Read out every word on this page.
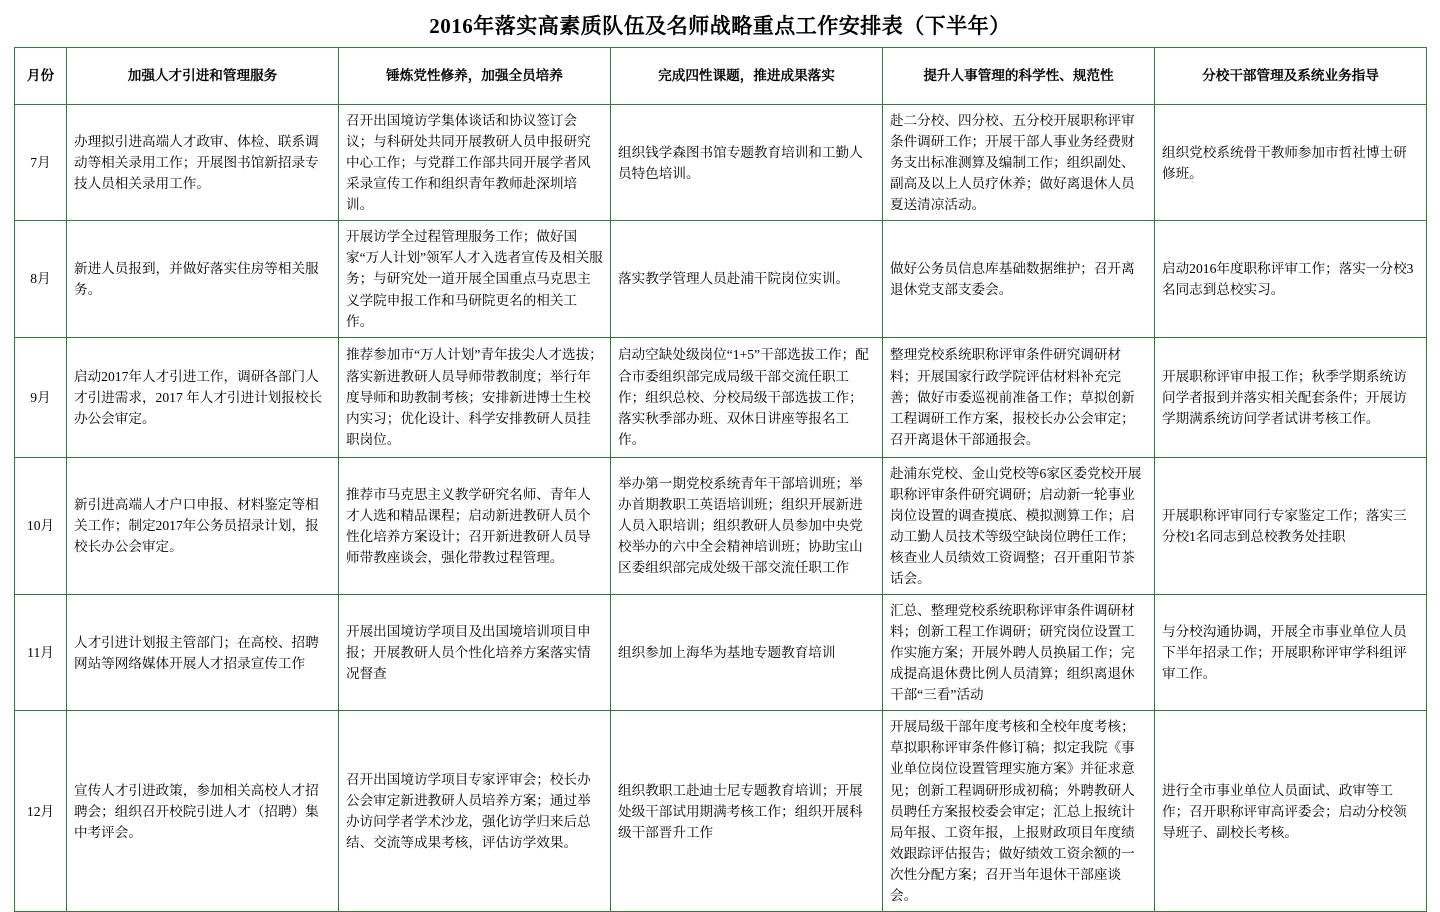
2016年落实高素质队伍及名师战略重点工作安排表（下半年）
月份	加强人才引进和管理服务	锤炼党性修养，加强全员培养	完成四性课题，推进成果落实	提升人事管理的科学性、规范性	分校干部管理及系统业务指导
7月	办理拟引进高端人才政审、体检、联系调动等相关录用工作；开展图书馆新招录专技人员相关录用工作。	召开出国境访学集体谈话和协议签订会议；与科研处共同开展教研人员申报研究中心工作；与党群工作部共同开展学者风采录宣传工作和组织青年教师赴深圳培训。	组织钱学森图书馆专题教育培训和工勤人员特色培训。	赴二分校、四分校、五分校开展职称评审条件调研工作；开展干部人事业务经费财务支出标准测算及编制工作；组织副处、副高及以上人员疗休养；做好离退休人员夏送清凉活动。	组织党校系统骨干教师参加市哲社博士研修班。
8月	新进人员报到，并做好落实住房等相关服务。	开展访学全过程管理服务工作；做好国家“万人计划”领军人才入选者宣传及相关服务；与研究处一道开展全国重点马克思主义学院申报工作和马研院更名的相关工作。	落实教学管理人员赴浦干院岗位实训。	做好公务员信息库基础数据维护；召开离退休党支部支委会。	启动2016年度职称评审工作；落实一分校3名同志到总校实习。
9月	启动2017年人才引进工作，调研各部门人才引进需求，2017 年人才引进计划报校长办公会审定。	推荐参加市“万人计划”青年拔尖人才选拔；落实新进教研人员导师带教制度；举行年度导师和助教制考核；安排新进博士生校内实习；优化设计、科学安排教研人员挂职岗位。	启动空缺处级岗位“1+5”干部选拔工作；配合市委组织部完成局级干部交流任职工作；组织总校、分校局级干部选拔工作；落实秋季部办班、双休日讲座等报名工作。	整理党校系统职称评审条件研究调研材料；开展国家行政学院评估材料补充完善；做好市委巡视前准备工作；草拟创新工程调研工作方案，报校长办公会审定；召开离退休干部通报会。	开展职称评审申报工作；秋季学期系统访问学者报到并落实相关配套条件；开展访学期满系统访问学者试讲考核工作。
10月	新引进高端人才户口申报、材料鉴定等相关工作；制定2017年公务员招录计划，报校长办公会审定。	推荐市马克思主义教学研究名师、青年人才人选和精品课程；启动新进教研人员个性化培养方案设计；召开新进教研人员导师带教座谈会，强化带教过程管理。	举办第一期党校系统青年干部培训班；举办首期教职工英语培训班；组织开展新进人员入职培训；组织教研人员参加中央党校举办的六中全会精神培训班；协助宝山区委组织部完成处级干部交流任职工作	赴浦东党校、金山党校等6家区委党校开展职称评审条件研究调研；启动新一轮事业岗位设置的调查摸底、模拟测算工作；启动工勤人员技术等级空缺岗位聘任工作；核查业人员绩效工资调整；召开重阳节茶话会。	开展职称评审同行专家鉴定工作；落实三分校1名同志到总校教务处挂职
11月	人才引进计划报主管部门；在高校、招聘网站等网络媒体开展人才招录宣传工作	开展出国境访学项目及出国境培训项目申报；开展教研人员个性化培养方案落实情况督查	组织参加上海华为基地专题教育培训	汇总、整理党校系统职称评审条件调研材料；创新工程工作调研；研究岗位设置工作实施方案；开展外聘人员换届工作；完成提高退休费比例人员清算；组织离退休干部“三看”活动	与分校沟通协调，开展全市事业单位人员下半年招录工作；开展职称评审学科组评审工作。
12月	宣传人才引进政策，参加相关高校人才招聘会；组织召开校院引进人才（招聘）集中考评会。	召开出国境访学项目专家评审会；校长办公会审定新进教研人员培养方案；通过举办访问学者学术沙龙，强化访学归来后总结、交流等成果考核，评估访学效果。	组织教职工赴迪士尼专题教育培训；开展处级干部试用期满考核工作；组织开展科级干部晋升工作	开展局级干部年度考核和全校年度考核；草拟职称评审条件修订稿；拟定我院《事业单位岗位设置管理实施方案》并征求意见；创新工程调研形成初稿；外聘教研人员聘任方案报校委会审定；汇总上报统计局年报、工资年报，上报财政项目年度绩效跟踪评估报告；做好绩效工资余额的一次性分配方案；召开当年退休干部座谈会。	进行全市事业单位人员面试、政审等工作；召开职称评审高评委会；启动分校领导班子、副校长考核。
